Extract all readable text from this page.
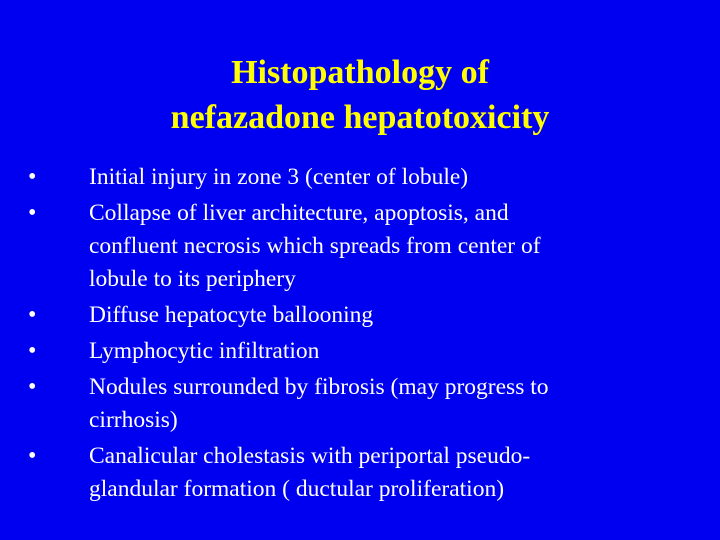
Histopathology of
nefazadone hepatotoxicity
•	Initial injury in zone 3 (center of lobule)
•	Collapse of liver architecture, apoptosis, and
confluent necrosis which spreads from center of
lobule to its periphery
•	Diffuse hepatocyte ballooning
•	Lymphocytic infiltration
•	Nodules surrounded by fibrosis (may progress to
cirrhosis)
•	Canalicular cholestasis with periportal pseudo-
glandular formation ( ductular proliferation)
